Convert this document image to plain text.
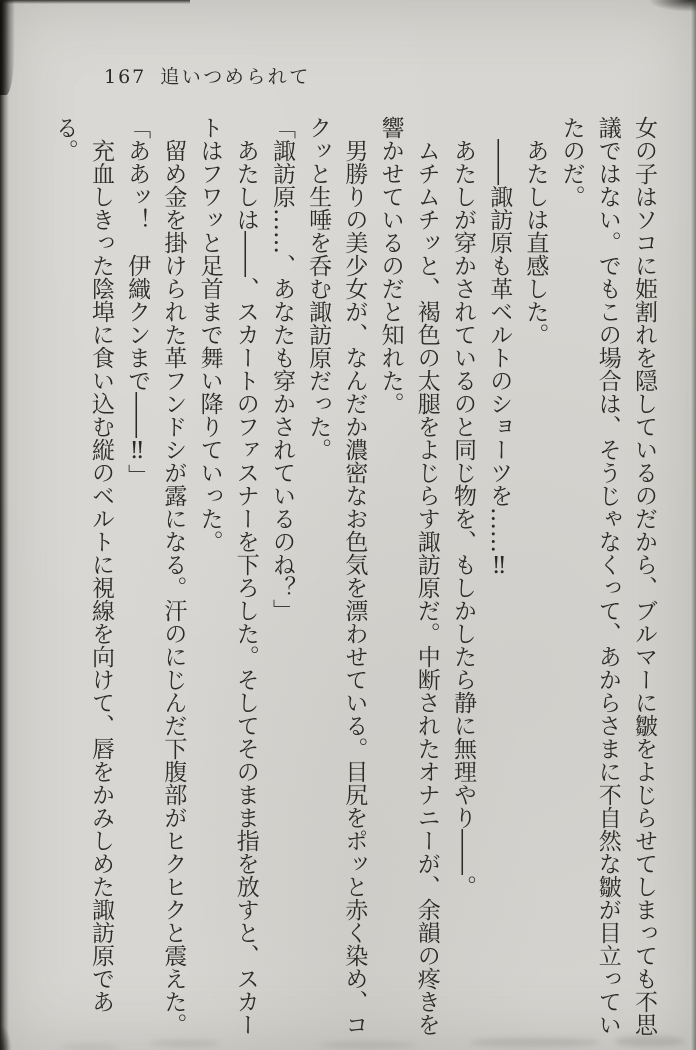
167 追いつめられて
女の子はソコに姫割れを隠しているのだから、ブルマーに皺をよじらせてしまっても不思
議ではない。でもこの場合は、そうじゃなくって、あからさまに不自然な皺が目立ってい
たのだ。
あたしは直感した。
――諏訪原も革ベルトのショーツを……‼
あたしが穿かされているのと同じ物を、もしかしたら静に無理やり――。
ムチムチッと、褐色の太腿をよじらす諏訪原だ。中断されたオナニーが、余韻の疼きを
響かせているのだと知れた。
男勝りの美少女が、なんだか濃密なお色気を漂わせている。目尻をポッと赤く染め、コ
クッと生唾を呑む諏訪原だった。
「諏訪原……、あなたも穿かされているのね？」
あたしは――、スカートのファスナーを下ろした。そしてそのまま指を放すと、スカー
トはフワッと足首まで舞い降りていった。
留め金を掛けられた革フンドシが露になる。汗のにじんだ下腹部がヒクヒクと震えた。
「ああッ！　伊織クンまで――‼」
充血しきった陰埠に食い込む縦のベルトに視線を向けて、唇をかみしめた諏訪原である。
